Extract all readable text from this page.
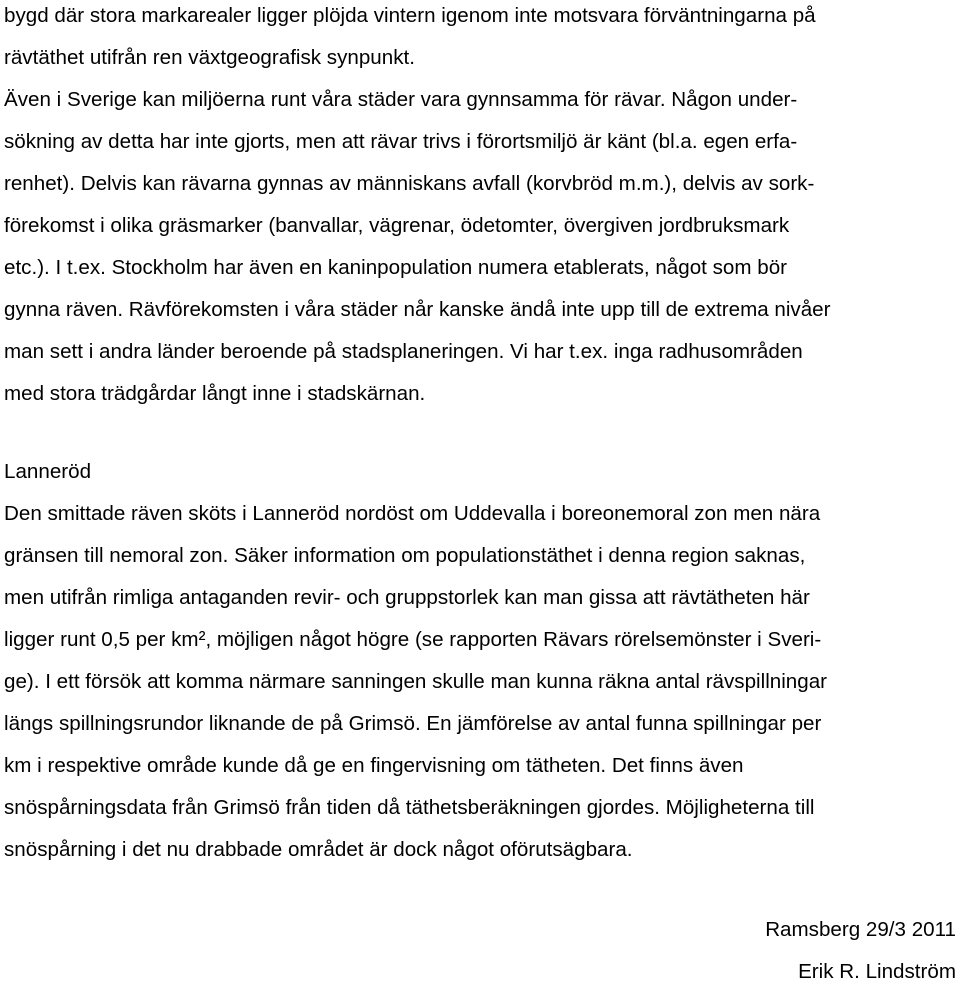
bygd där stora markarealer ligger plöjda vintern igenom inte motsvara förväntningarna på
rävtäthet utifrån ren växtgeografisk synpunkt.
Även i Sverige kan miljöerna runt våra städer vara gynnsamma för rävar. Någon under-
sökning av detta har inte gjorts, men att rävar trivs i förortsmiljö är känt (bl.a. egen erfa-
renhet). Delvis kan rävarna gynnas av människans avfall (korvbröd m.m.), delvis av sork-
förekomst i olika gräsmarker (banvallar, vägrenar, ödetomter, övergiven jordbruksmark
etc.). I t.ex. Stockholm har även en kaninpopulation numera etablerats, något som bör
gynna räven. Rävförekomsten i våra städer når kanske ändå inte upp till de extrema nivåer
man sett i andra länder beroende på stadsplaneringen. Vi har t.ex. inga radhusområden
med stora trädgårdar långt inne i stadskärnan.
Lanneröd
Den smittade räven sköts i Lanneröd nordöst om Uddevalla i boreonemoral zon men nära
gränsen till nemoral zon. Säker information om populationstäthet i denna region saknas,
men utifrån rimliga antaganden revir- och gruppstorlek kan man gissa att rävtätheten här
ligger runt 0,5 per km², möjligen något högre (se rapporten Rävars rörelsemönster i Sveri-
ge). I ett försök att komma närmare sanningen skulle man kunna räkna antal rävspillningar
längs spillningsrundor liknande de på Grimsö. En jämförelse av antal funna spillningar per
km i respektive område kunde då ge en fingervisning om tätheten. Det finns även
snöspårningsdata från Grimsö från tiden då täthetsberäkningen gjordes. Möjligheterna till
snöspårning i det nu drabbade området är dock något oförutsägbara.
Ramsberg 29/3 2011
Erik R. Lindström
